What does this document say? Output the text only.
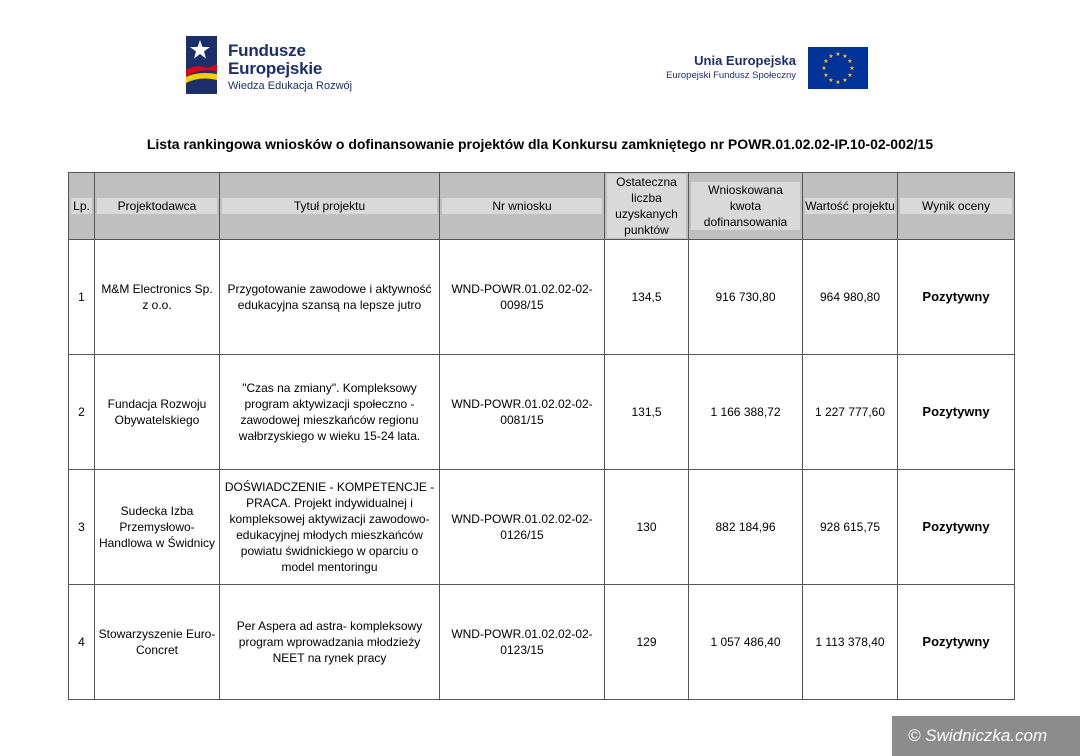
Fundusze
Europejskie
Wiedza Edukacja Rozwój
Unia Europejska
Europejski Fundusz Społeczny
★ ★
★
★
★
★
★
★
★
★
★
★
Lista rankingowa wniosków o dofinansowanie projektów dla Konkursu zamkniętego nr POWR.01.02.02-IP.10-02-002/15
Lp.	Projektodawca	Tytuł projektu	Nr wniosku	Ostateczna liczba uzyskanych punktów	Wnioskowana kwota dofinansowania	Wartość projektu	Wynik oceny

1	M&M Electronics Sp. z o.o.	Przygotowanie zawodowe i aktywność edukacyjna szansą na lepsze jutro	WND-POWR.01.02.02-02-0098/15	134,5	916 730,80	964 980,80	Pozytywny
2	Fundacja Rozwoju Obywatelskiego	"Czas na zmiany". Kompleksowy program aktywizacji społeczno - zawodowej mieszkańców regionu wałbrzyskiego w wieku 15-24 lata.	WND-POWR.01.02.02-02-0081/15	131,5	1 166 388,72	1 227 777,60	Pozytywny
3	Sudecka Izba Przemysłowo-Handlowa w Świdnicy	DOŚWIADCZENIE - KOMPETENCJE - PRACA. Projekt indywidualnej i kompleksowej aktywizacji zawodowo-edukacyjnej młodych mieszkańców powiatu świdnickiego w oparciu o model mentoringu	WND-POWR.01.02.02-02-0126/15	130	882 184,96	928 615,75	Pozytywny
4	Stowarzyszenie Euro-Concret	Per Aspera ad astra- kompleksowy program wprowadzania młodzieży NEET na rynek pracy	WND-POWR.01.02.02-02-0123/15	129	1 057 486,40	1 113 378,40	Pozytywny
© Swidniczka.com
